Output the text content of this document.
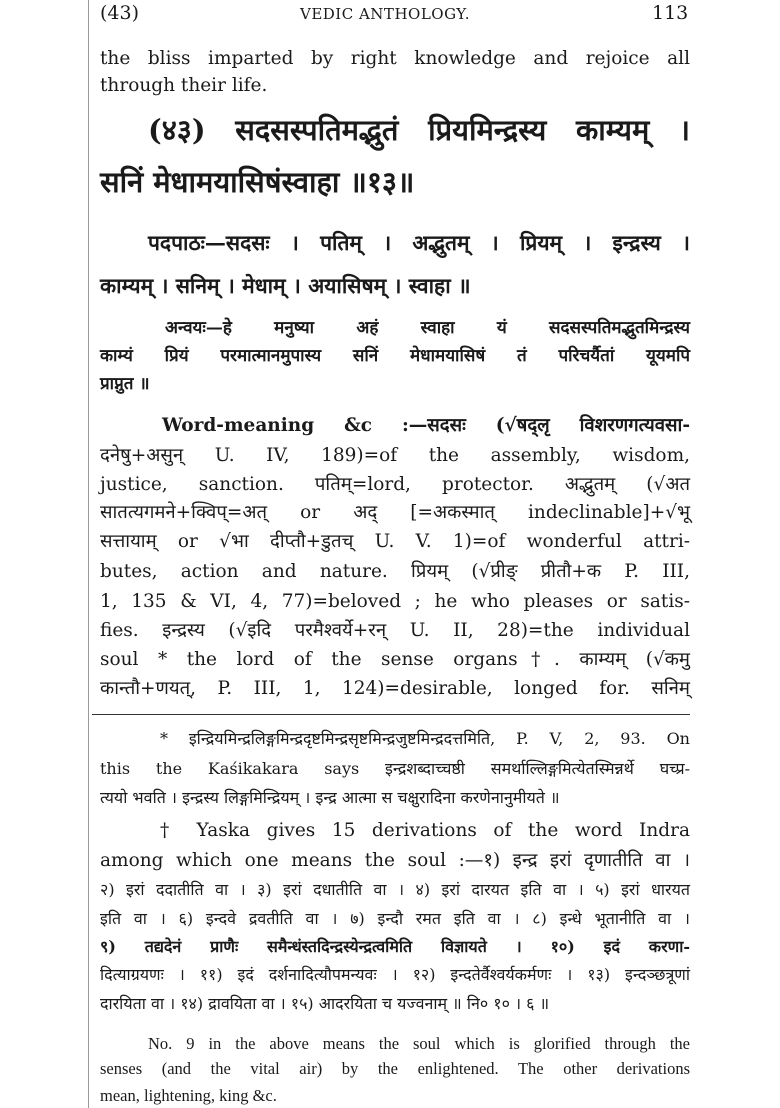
(43)	VEDIC ANTHOLOGY.	113
the bliss imparted by right knowledge and rejoice all
through their life.
(४३) सदसस्पतिमद्भुतं प्रियमिन्द्रस्य काम्यम् ।
सनिं मेधामयासिषंस्वाहा ॥१३॥
पदपाठः—सदसः । पतिम् । अद्भुतम् । प्रियम् । इन्द्रस्य ।
काम्यम् । सनिम् । मेधाम् । अयासिषम् । स्वाहा ॥
अन्वयः—हे मनुष्या अहं स्वाहा यं सदसस्पतिमद्भुतमिन्द्रस्य
काम्यं प्रियं परमात्मानमुपास्य सनिं मेधामयासिषं तं परिचर्यैतां यूयमपि
प्राप्नुत ॥
Word-meaning &c :—सदसः (√षद्लृ विशरणगत्यवसा-
दनेषु+असुन् U. IV, 189)=of the assembly, wisdom,
justice, sanction. पतिम्=lord, protector. अद्भुतम् (√अत
सातत्यगमने+क्विप्=अत् or अद् [=अकस्मात् indeclinable]+√भू
सत्तायाम् or √भा दीप्तौ+डुतच् U. V. 1)=of wonderful attri-
butes, action and nature. प्रियम् (√प्रीङ् प्रीतौ+क P. III,
1, 135 & VI, 4, 77)=beloved ; he who pleases or satis-
fies. इन्द्रस्य (√इदि परमैश्वर्ये+रन् U. II, 28)=the individual
soul * the lord of the sense organs†. काम्यम् (√कमु
कान्तौ+णयत्, P. III, 1, 124)=desirable, longed for. सनिम्
* इन्द्रियमिन्द्रलिङ्गमिन्द्रदृष्टमिन्द्रसृष्टमिन्द्रजुष्टमिन्द्रदत्तमिति, P. V, 2, 93. On
this the Kaśikakara says इन्द्रशब्दाच्चष्ठी समर्थाल्लिङ्गमित्येतस्मिन्नर्थे घच्प्र-
त्ययो भवति । इन्द्रस्य लिङ्गमिन्द्रियम् । इन्द्र आत्मा स चक्षुरादिना करणेनानुमीयते ॥
† Yaska gives 15 derivations of the word Indra
among which one means the soul :—१) इन्द्र इरां दृणातीति वा ।
२) इरां ददातीति वा । ३) इरां दधातीति वा । ४) इरां दारयत इति वा । ५) इरां धारयत
इति वा । ६) इन्दवे द्रवतीति वा । ७) इन्दौ रमत इति वा । ८) इन्धे भूतानीति वा ।
९) तद्यदेनं प्राणैः समैन्धंस्तदिन्द्रस्येन्द्रत्वमिति विज्ञायते । १०) इदं करणा-
दित्याग्रयणः । ११) इदं दर्शनादित्यौपमन्यवः । १२) इन्दतेर्वैश्वर्यकर्मणः । १३) इन्दञ्छत्रूणां
दारयिता वा । १४) द्रावयिता वा । १५) आदरयिता च यज्वनाम् ॥ नि० १० । ६ ॥
No. 9 in the above means the soul which is glorified through the
senses (and the vital air) by the enlightened. The other derivations
mean, lightening, king &c.
